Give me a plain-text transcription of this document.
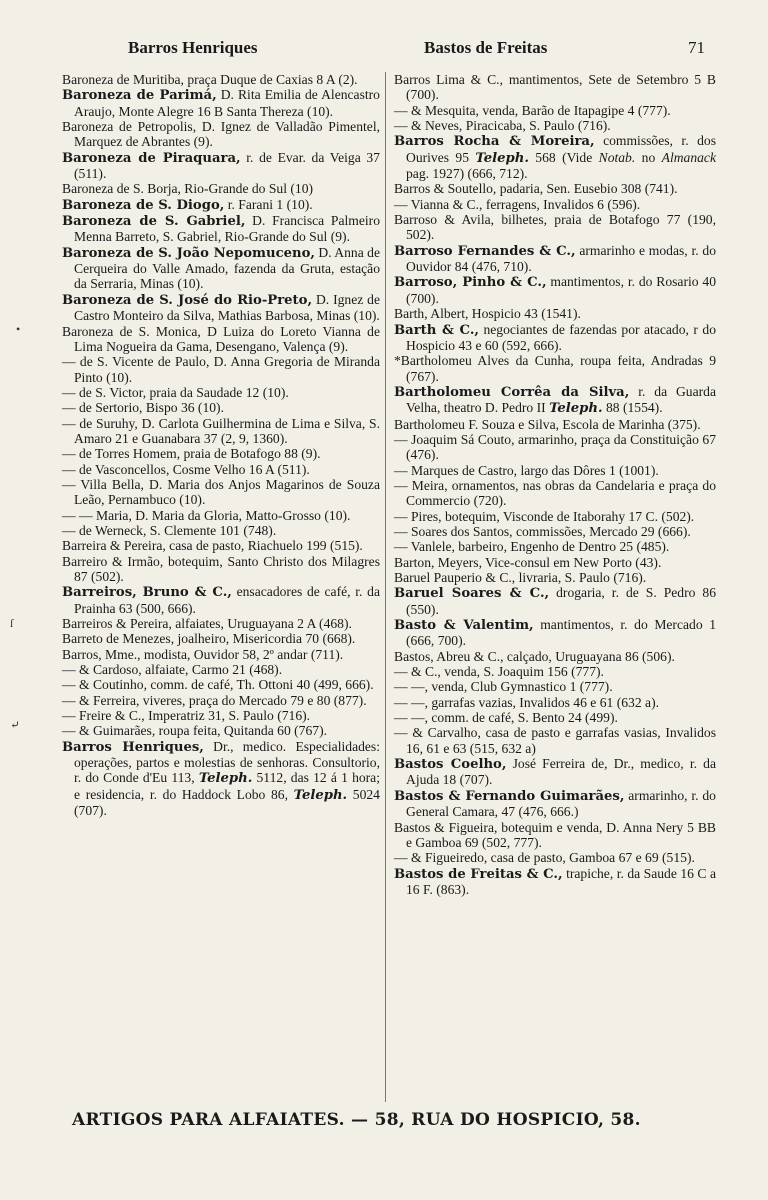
Barros Henriques	Bastos de Freitas	71
Baroneza de Muritiba, praça Duque de Caxias 8 A (2).
Baroneza de Parimá, D. Rita Emilia de Alencastro Araujo, Monte Alegre 16 B Santa Thereza (10).
Baroneza de Petropolis, D. Ignez de Valladão Pimentel, Marquez de Abrantes (9).
Baroneza de Piraquara, r. de Evar. da Veiga 37 (511).
Baroneza de S. Borja, Rio-Grande do Sul (10)
Baroneza de S. Diogo, r. Farani 1 (10).
Baroneza de S. Gabriel, D. Francisca Palmeiro Menna Barreto, S. Gabriel, Rio-Grande do Sul (9).
Baroneza de S. João Nepomuceno, D. Anna de Cerqueira do Valle Amado, fazenda da Gruta, estação da Serraria, Minas (10).
Baroneza de S. José do Rio-Preto, D. Ignez de Castro Monteiro da Silva, Mathias Barbosa, Minas (10).
Baroneza de S. Monica, D Luiza do Loreto Vianna de Lima Nogueira da Gama, Desengano, Valença (9).
— de S. Vicente de Paulo, D. Anna Gregoria de Miranda Pinto (10).
— de S. Victor, praia da Saudade 12 (10).
— de Sertorio, Bispo 36 (10).
— de Suruhy, D. Carlota Guilhermina de Lima e Silva, S. Amaro 21 e Guanabara 37 (2, 9, 1360).
— de Torres Homem, praia de Botafogo 88 (9).
— de Vasconcellos, Cosme Velho 16 A (511).
— Villa Bella, D. Maria dos Anjos Magarinos de Souza Leão, Pernambuco (10).
— — Maria, D. Maria da Gloria, Matto-Grosso (10).
— de Werneck, S. Clemente 101 (748).
Barreira & Pereira, casa de pasto, Riachuelo 199 (515).
Barreiro & Irmão, botequim, Santo Christo dos Milagres 87 (502).
Barreiros, Bruno & C., ensacadores de café, r. da Prainha 63 (500, 666).
Barreiros & Pereira, alfaiates, Uruguayana 2 A (468).
Barreto de Menezes, joalheiro, Misericordia 70 (668).
Barros, Mme., modista, Ouvidor 58, 2º andar (711).
— & Cardoso, alfaiate, Carmo 21 (468).
— & Coutinho, comm. de café, Th. Ottoni 40 (499, 666).
— & Ferreira, viveres, praça do Mercado 79 e 80 (877).
— Freire & C., Imperatriz 31, S. Paulo (716).
— & Guimarães, roupa feita, Quitanda 60 (767).
Barros Henriques, Dr., medico. Especialidades: operações, partos e molestias de senhoras. Consultorio, r. do Conde d'Eu 113, Teleph. 5112, das 12 á 1 hora; e residencia, r. do Haddock Lobo 86, Teleph. 5024 (707).
Barros Lima & C., mantimentos, Sete de Setembro 5 B (700).
— & Mesquita, venda, Barão de Itapagipe 4 (777).
— & Neves, Piracicaba, S. Paulo (716).
Barros Rocha & Moreira, commissões, r. dos Ourives 95 Teleph. 568 (Vide Notab. no Almanack pag. 1927) (666, 712).
Barros & Soutello, padaria, Sen. Eusebio 308 (741).
— Vianna & C., ferragens, Invalidos 6 (596).
Barroso & Avila, bilhetes, praia de Botafogo 77 (190, 502).
Barroso Fernandes & C., armarinho e modas, r. do Ouvidor 84 (476, 710).
Barroso, Pinho & C., mantimentos, r. do Rosario 40 (700).
Barth, Albert, Hospicio 43 (1541).
Barth & C., negociantes de fazendas por atacado, r do Hospicio 43 e 60 (592, 666).
*Bartholomeu Alves da Cunha, roupa feita, Andradas 9 (767).
Bartholomeu Corrêa da Silva, r. da Guarda Velha, theatro D. Pedro II Teleph. 88 (1554).
Bartholomeu F. Souza e Silva, Escola de Marinha (375).
— Joaquim Sá Couto, armarinho, praça da Constituição 67 (476).
— Marques de Castro, largo das Dôres 1 (1001).
— Meira, ornamentos, nas obras da Candelaria e praça do Commercio (720).
— Pires, botequim, Visconde de Itaborahy 17 C. (502).
— Soares dos Santos, commissões, Mercado 29 (666).
— Vanlele, barbeiro, Engenho de Dentro 25 (485).
Barton, Meyers, Vice-consul em New Porto (43).
Baruel Pauperio & C., livraria, S. Paulo (716).
Baruel Soares & C., drogaria, r. de S. Pedro 86 (550).
Basto & Valentim, mantimentos, r. do Mercado 1 (666, 700).
Bastos, Abreu & C., calçado, Uruguayana 86 (506).
— & C., venda, S. Joaquim 156 (777).
— —, venda, Club Gymnastico 1 (777).
— —, garrafas vazias, Invalidos 46 e 61 (632 a).
— —, comm. de café, S. Bento 24 (499).
— & Carvalho, casa de pasto e garrafas vasias, Invalidos 16, 61 e 63 (515, 632 a)
Bastos Coelho, José Ferreira de, Dr., medico, r. da Ajuda 18 (707).
Bastos & Fernando Guimarães, armarinho, r. do General Camara, 47 (476, 666.)
Bastos & Figueira, botequim e venda, D. Anna Nery 5 BB e Gamboa 69 (502, 777).
— & Figueiredo, casa de pasto, Gamboa 67 e 69 (515).
Bastos de Freitas & C., trapiche, r. da Saude 16 C a 16 F. (863).
ARTIGOS PARA ALFAIATES. — 58, RUA DO HOSPICIO, 58.
•
ſ
⤶
